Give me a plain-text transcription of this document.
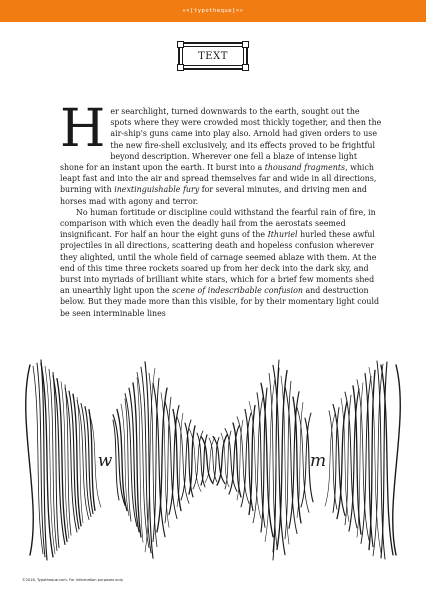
«×[typotheque]×»
TEXT

Her searchlight, turned downwards to the earth, sought out the spots where they were crowded most thickly together, and then the air-ship's guns came into play also. Arnold had given orders to use the new fire-shell exclusively, and its effects proved to be frightful beyond description. Wherever one fell a blaze of intense light shone for an instant upon the earth. It burst into a thousand fragments, which leapt fast and into the air and spread themselves far and wide in all directions, burning with inextinguishable fury for several minutes, and driving men and horses mad with agony and terror.

No human fortitude or discipline could withstand the fearful rain of fire, in comparison with which even the deadly hail from the aerostats seemed insignificant. For half an hour the eight guns of the Ithuriel hurled these awful projectiles in all directions, scattering death and hopeless confusion wherever they alighted, until the whole field of carnage seemed ablaze with them. At the end of this time three rockets soared up from her deck into the dark sky, and burst into myriads of brilliant white stars, which for a brief few moments shed an unearthly light upon the scene of indescribable confusion and destruction below. But they made more than this visible, for by their momentary light could be seen interminable lines

w	m
©2016, Typotheque.com. For information purposes only.
